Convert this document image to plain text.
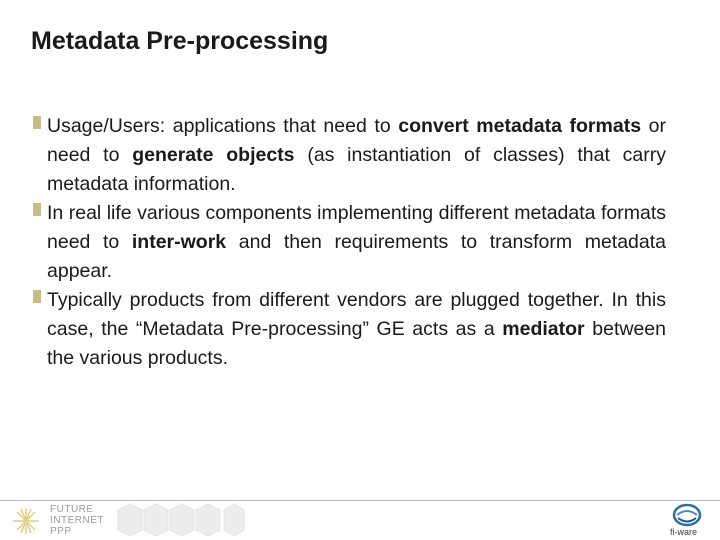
Metadata Pre-processing
Usage/Users: applications that need to convert metadata formats or need to generate objects (as instantiation of classes) that carry metadata information.
In real life various components implementing different metadata formats need to inter-work and then requirements to transform metadata appear.
Typically products from different vendors are plugged together. In this case, the “Metadata Pre-processing” GE acts as a mediator between the various products.
FUTURE
INTERNET
PPP	fi-ware
